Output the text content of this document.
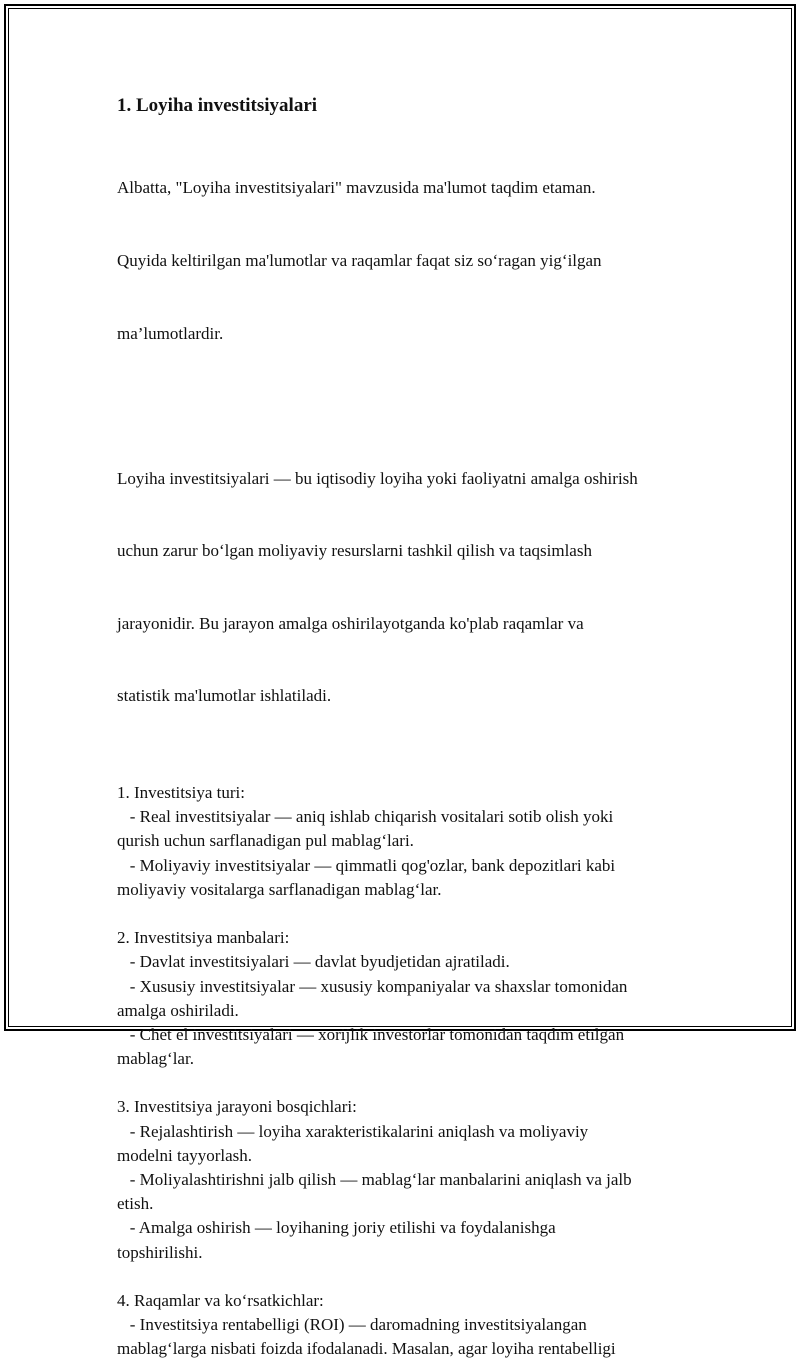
1. Loyiha investitsiyalari

Albatta, "Loyiha investitsiyalari" mavzusida ma'lumot taqdim etaman.

Quyida keltirilgan ma'lumotlar va raqamlar faqat siz so‘ragan yig‘ilgan

ma’lumotlardir.

Loyiha investitsiyalari — bu iqtisodiy loyiha yoki faoliyatni amalga oshirish

uchun zarur bo‘lgan moliyaviy resurslarni tashkil qilish va taqsimlash

jarayonidir. Bu jarayon amalga oshirilayotganda ko'plab raqamlar va

statistik ma'lumotlar ishlatiladi.

1. Investitsiya turi:
- Real investitsiyalar — aniq ishlab chiqarish vositalari sotib olish yoki
qurish uchun sarflanadigan pul mablag‘lari.
- Moliyaviy investitsiyalar — qimmatli qog'ozlar, bank depozitlari kabi
moliyaviy vositalarga sarflanadigan mablag‘lar.
2. Investitsiya manbalari:
- Davlat investitsiyalari — davlat byudjetidan ajratiladi.
- Xususiy investitsiyalar — xususiy kompaniyalar va shaxslar tomonidan
amalga oshiriladi.
- Chet el investitsiyalari — xorijlik investorlar tomonidan taqdim etilgan
mablag‘lar.
3. Investitsiya jarayoni bosqichlari:
- Rejalashtirish — loyiha xarakteristikalarini aniqlash va moliyaviy
modelni tayyorlash.
- Moliyalashtirishni jalb qilish — mablag‘lar manbalarini aniqlash va jalb
etish.
- Amalga oshirish — loyihaning joriy etilishi va foydalanishga
topshirilishi.
4. Raqamlar va ko‘rsatkichlar:
- Investitsiya rentabelligi (ROI) — daromadning investitsiyalangan
mablag‘larga nisbati foizda ifodalanadi. Masalan, agar loyiha rentabelligi
